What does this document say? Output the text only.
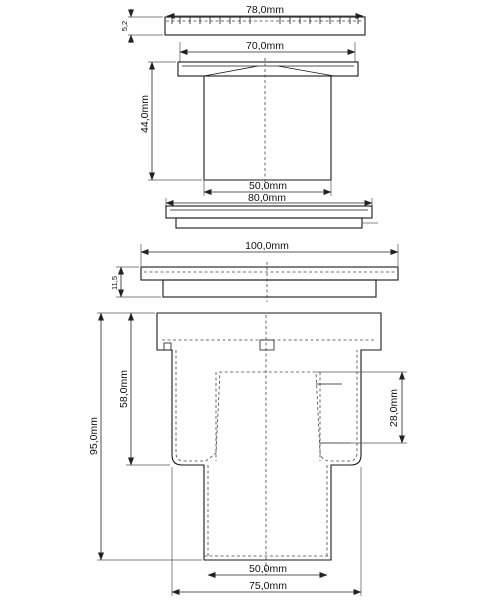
78,0mm
5,2
70,0mm
44,0mm
50,0mm
80,0mm
100,0mm
11,5
95,0mm
58,0mm
28,0mm
50,0mm
75,0mm
